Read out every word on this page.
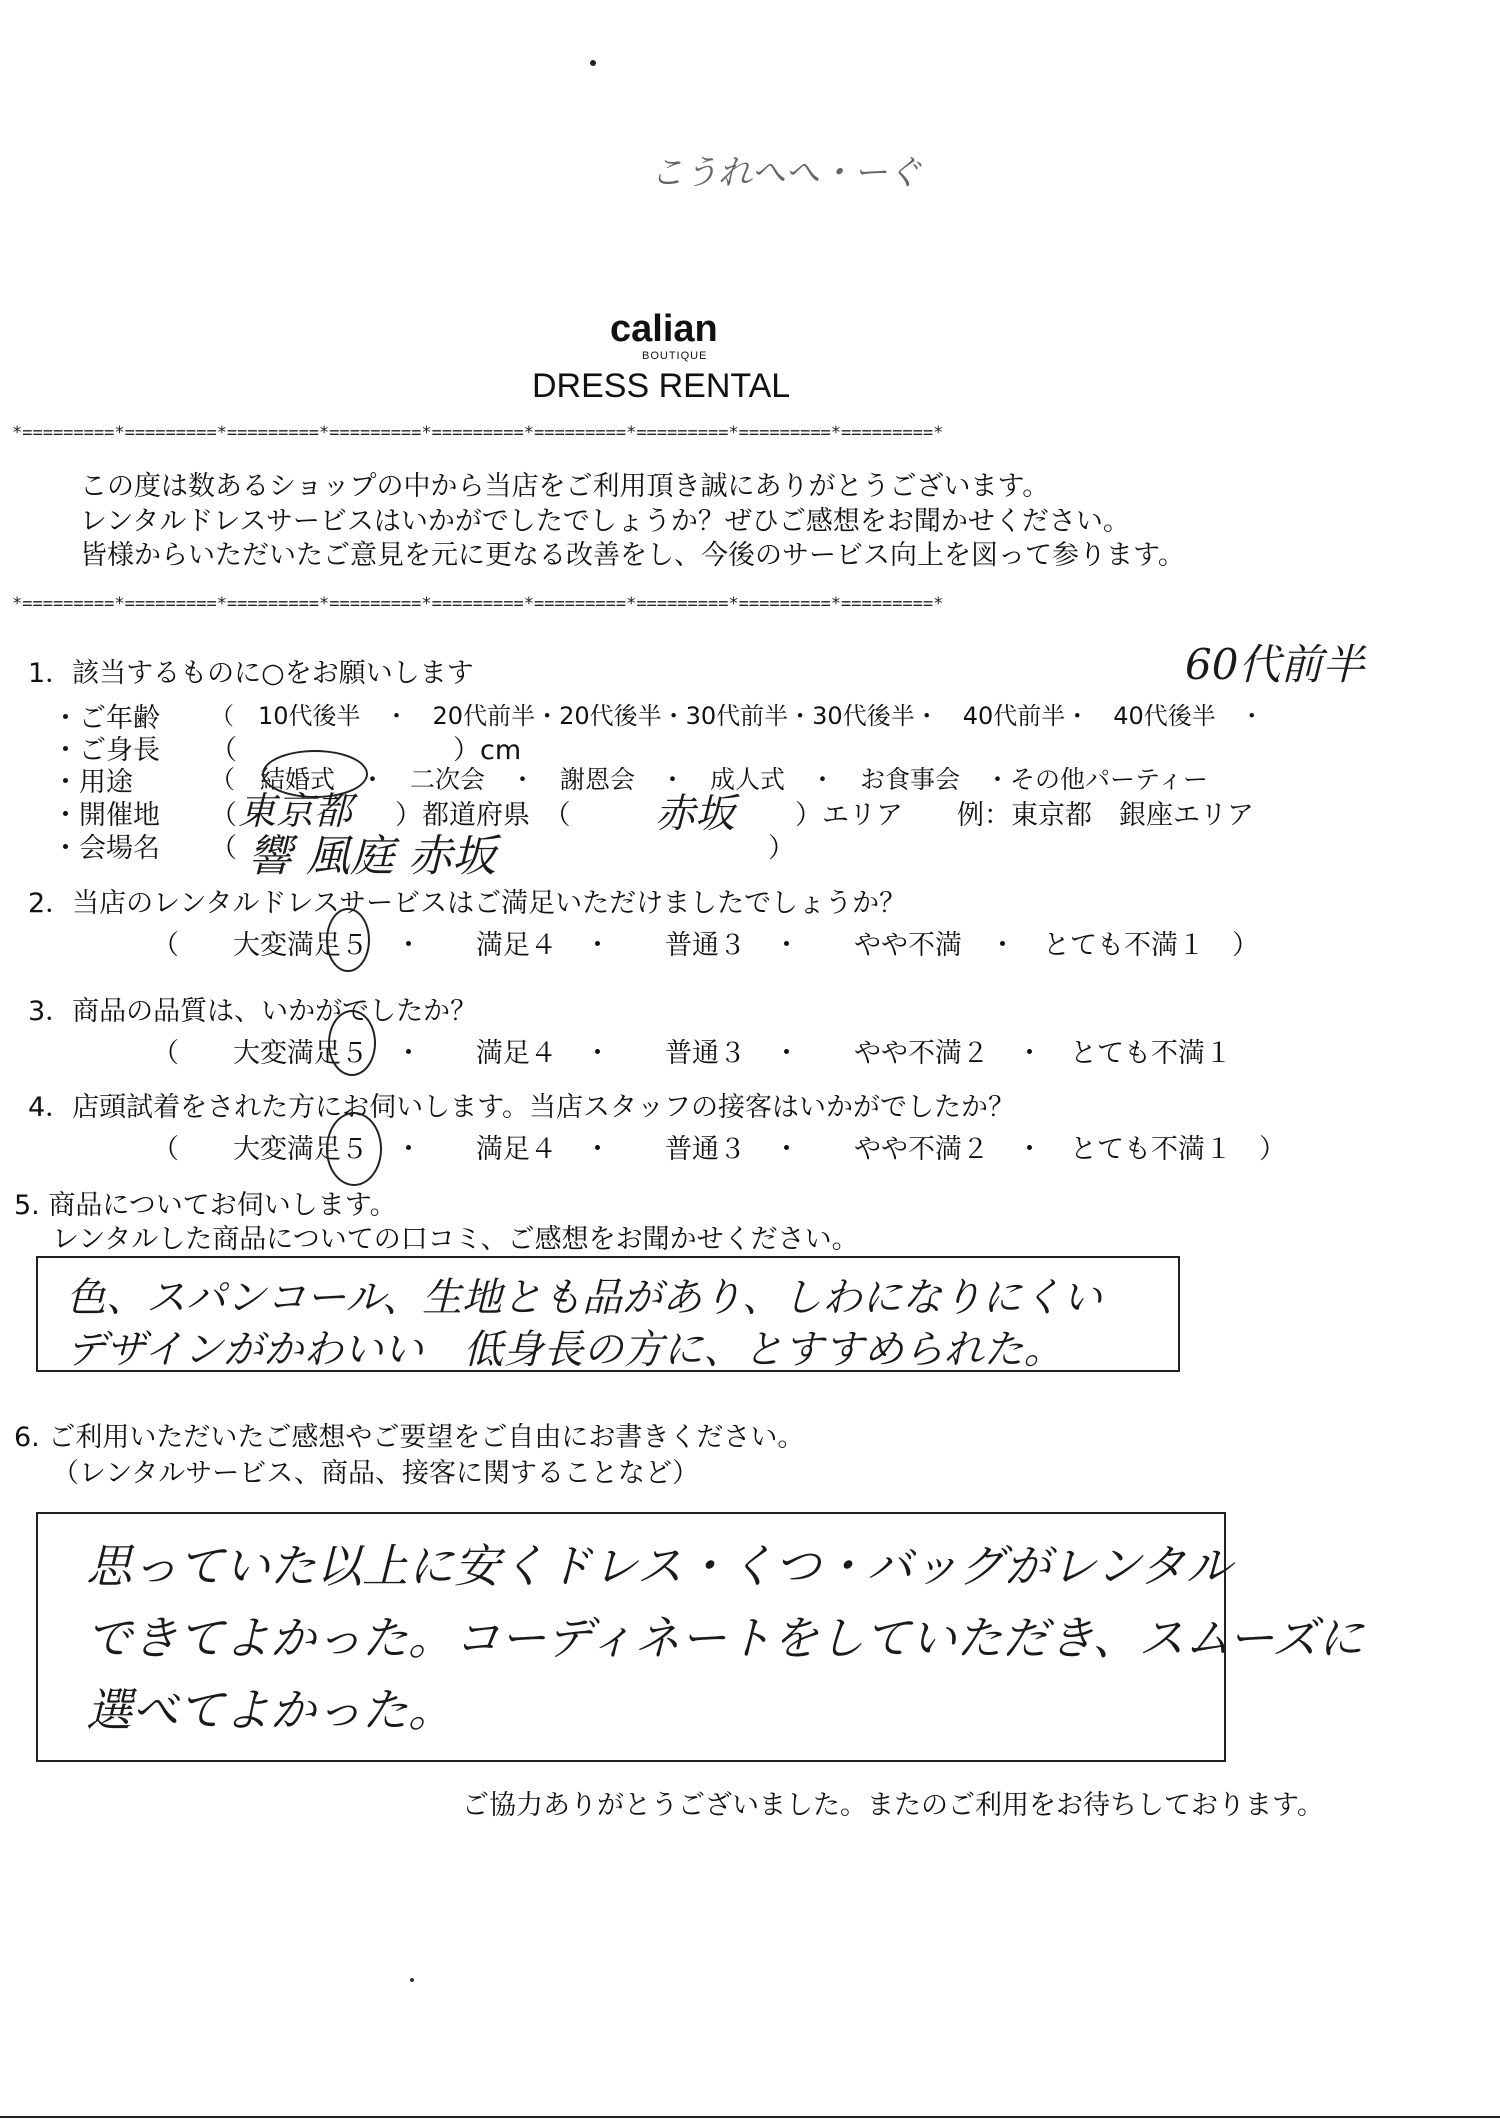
こうれへへ・ーぐ
calian
BOUTIQUE
DRESS RENTAL
*=========*=========*=========*=========*=========*=========*=========*=========*=========*
この度は数あるショップの中から当店をご利用頂き誠にありがとうございます。
レンタルドレスサービスはいかがでしたでしょうか？ぜひご感想をお聞かせください。
皆様からいただいたご意見を元に更なる改善をし、今後のサービス向上を図って参ります。
*=========*=========*=========*=========*=========*=========*=========*=========*=========*
60代前半
1．該当するものに○をお願いします
・ご年齢 （　10代後半　・　20代前半・20代後半・30代前半・30代後半・　40代前半・　40代後半　・
・ご身長 （　　　　　　　　）cm
・用途	（　結婚式　・　二次会　・　謝恩会　・　成人式　・　お食事会　・その他パーティー
・開催地 （ 東京都 ）都道府県　（ 赤坂 ）エリア　　例：東京都　銀座エリア
・会場名 （ 響 風庭 赤坂	）
2．当店のレンタルドレスサービスはご満足いただけましたでしょうか？
（　　大変満足５　・　　満足４　・　　普通３　・　　やや不満　・　とても不満１　）
3．商品の品質は、いかがでしたか？
（　　大変満足５　・　　満足４　・　　普通３　・　　やや不満２　・　とても不満１
4．店頭試着をされた方にお伺いします。当店スタッフの接客はいかがでしたか？
（　　大変満足５　・　　満足４　・　　普通３　・　　やや不満２　・　とても不満１　）
5. 商品についてお伺いします。
レンタルした商品についての口コミ、ご感想をお聞かせください。
色、スパンコール、生地とも品があり、しわになりにくい
デザインがかわいい　低身長の方に、とすすめられた。
6. ご利用いただいたご感想やご要望をご自由にお書きください。
（レンタルサービス、商品、接客に関することなど）
思っていた以上に安くドレス・くつ・バッグがレンタル
できてよかった。コーディネートをしていただき、スムーズに
選べてよかった。
ご協力ありがとうございました。またのご利用をお待ちしております。
